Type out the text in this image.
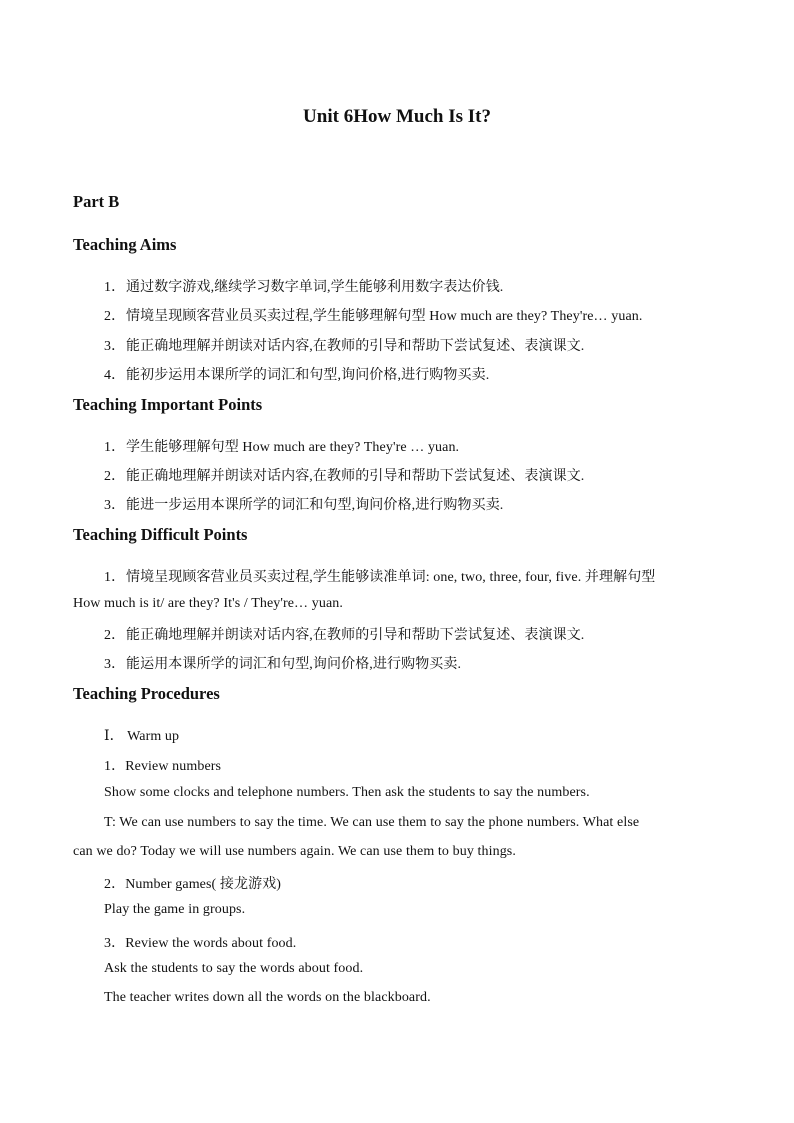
Unit 6How Much Is It?
Part B
Teaching Aims

1．通过数字游戏,继续学习数字单词,学生能够利用数字表达价钱.

2．情境呈现顾客营业员买卖过程,学生能够理解句型 How much are they? They're… yuan.

3．能正确地理解并朗读对话内容,在教师的引导和帮助下尝试复述、表演课文.

4．能初步运用本课所学的词汇和句型,询问价格,进行购物买卖.

Teaching Important Points

1．学生能够理解句型 How much are they? They're … yuan.

2．能正确地理解并朗读对话内容,在教师的引导和帮助下尝试复述、表演课文.

3．能进一步运用本课所学的词汇和句型,询问价格,进行购物买卖.

Teaching Difficult Points

1．情境呈现顾客营业员买卖过程,学生能够读准单词: one, two, three, four, five. 并理解句型

How much is it/ are they? It's / They're… yuan.

2．能正确地理解并朗读对话内容,在教师的引导和帮助下尝试复述、表演课文.

3．能运用本课所学的词汇和句型,询问价格,进行购物买卖.

Teaching Procedures

Ⅰ． Warm up

1．Review numbers

Show some clocks and telephone numbers. Then ask the students to say the numbers.

T: We can use numbers to say the time. We can use them to say the phone numbers. What else

can we do? Today we will use numbers again. We can use them to buy things.

2．Number games( 接龙游戏)

Play the game in groups.

3．Review the words about food.

Ask the students to say the words about food.

The teacher writes down all the words on the blackboard.
